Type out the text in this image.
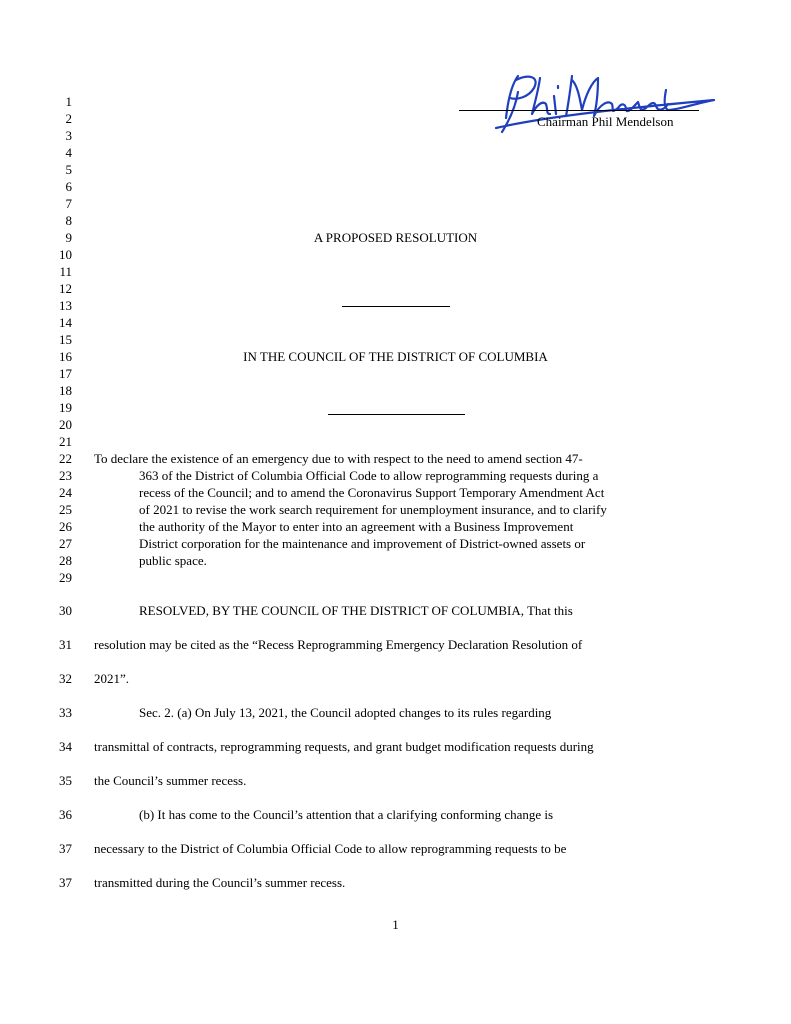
Chairman Phil Mendelson
1
2
3
4
5
6
7
8
9
10
11
12
13
14
15
16
17
18
19
20
21
22
23
24
25
26
27
28
29
30
31
32
33
34
35
36
37
A PROPOSED RESOLUTION
IN THE COUNCIL OF THE DISTRICT OF COLUMBIA
To declare the existence of an emergency due to with respect to the need to amend section 47-
363 of the District of Columbia Official Code to allow reprogramming requests during a
recess of the Council; and to amend the Coronavirus Support Temporary Amendment Act
of 2021 to revise the work search requirement for unemployment insurance, and to clarify
the authority of the Mayor to enter into an agreement with a Business Improvement
District corporation for the maintenance and improvement of District-owned assets or
public space.
RESOLVED, BY THE COUNCIL OF THE DISTRICT OF COLUMBIA, That this
resolution may be cited as the “Recess Reprogramming Emergency Declaration Resolution of
2021”.
Sec. 2. (a) On July 13, 2021, the Council adopted changes to its rules regarding
transmittal of contracts, reprogramming requests, and grant budget modification requests during
the Council’s summer recess.
(b) It has come to the Council’s attention that a clarifying conforming change is
necessary to the District of Columbia Official Code to allow reprogramming requests to be
transmitted during the Council’s summer recess.
37
1
